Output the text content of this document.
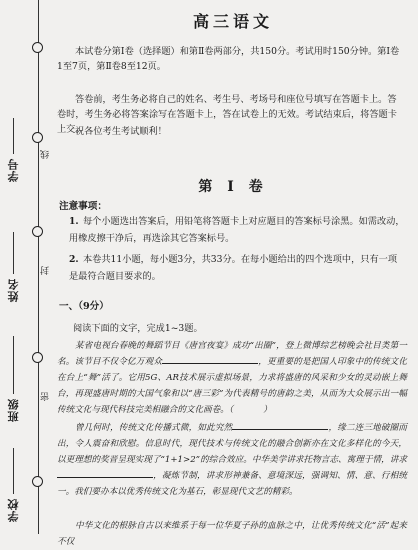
线
封
密
学号
姓名
班级
学校
高三语文
本试卷分第Ⅰ卷（选择题）和第Ⅱ卷两部分，共150分。考试用时150分钟。第Ⅰ卷1至7页，第Ⅱ卷8至12页。
答卷前，考生务必将自己的姓名、考生号、考场号和座位号填写在答题卡上。答卷时，考生务必将答案涂写在答题卡上，答在试卷上的无效。考试结束后，将答题卡上交。
祝各位考生考试顺利！
第 I 卷
注意事项：
1. 每个小题选出答案后，用铅笔将答题卡上对应题目的答案标号涂黑。如需改动，用橡皮擦干净后，再选涂其它答案标号。
2. 本卷共11小题，每小题3分，共33分。在每小题给出的四个选项中，只有一项是最符合题目要求的。
一、（9分）
阅读下面的文字，完成1~3题。
某省电视台春晚的舞蹈节目《唐宫夜宴》成功“出圈”，登上微博综艺榜晚会社目类第一名。该节目不仅令亿万观众	，更重要的是把国人印象中的传统文化在台上“舞”活了。它用5G、AR技术展示虚拟场景，力求将盛唐的风采和少女的灵动嵌上舞台，再现盛唐时期的大国气象和以“唐三彩”为代表精号的唐韵之美，从而为大众展示出一幅传统文化与现代科技完美相融合的文化画卷。（	）
曾几何时，传统文化传播式微，如此究然	，缘二连三地破圈而出，令人震奋和欣慰。信息时代，现代技术与传统文化的融合创新亦在文化多样化的今天，以更理想的奖晋呈现实现了“1+1>2”的综合效应。中华美学讲求托物言志、寓理于情，讲求，凝炼节制，讲求形神兼备、意境深远，强调知、情、意、行相统一。我们要办本以优秀传统文化为基石，彰显现代文艺的精彩。
中华文化的根脉自古以来维系于每一位华夏子孙的血脉之中，让优秀传统文化“活”起来不仅
